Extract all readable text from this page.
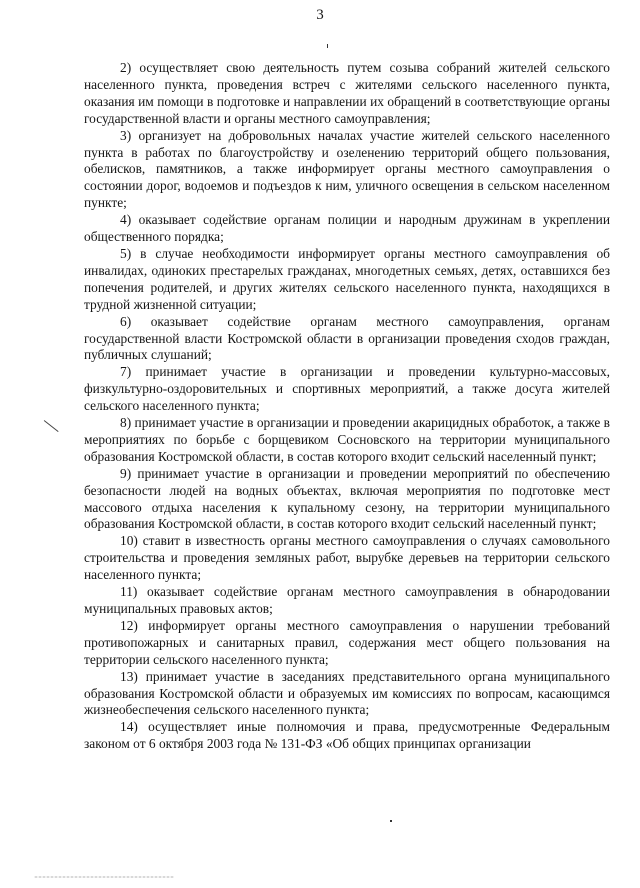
3

2) осуществляет свою деятельность путем созыва собраний жителей сельского населенного пункта, проведения встреч с жителями сельского населенного пункта, оказания им помощи в подготовке и направлении их обращений в соответствующие органы государственной власти и органы местного самоуправления;

3) организует на добровольных началах участие жителей сельского населенного пункта в работах по благоустройству и озеленению территорий общего пользования, обелисков, памятников, а также информирует органы местного самоуправления о состоянии дорог, водоемов и подъездов к ним, уличного освещения в сельском населенном пункте;

4) оказывает содействие органам полиции и народным дружинам в укреплении общественного порядка;

5) в случае необходимости информирует органы местного самоуправления об инвалидах, одиноких престарелых гражданах, многодетных семьях, детях, оставшихся без попечения родителей, и других жителях сельского населенного пункта, находящихся в трудной жизненной ситуации;

6) оказывает содействие органам местного самоуправления, органам государственной власти Костромской области в организации проведения сходов граждан, публичных слушаний;

7) принимает участие в организации и проведении культурно-массовых, физкультурно-оздоровительных и спортивных мероприятий, а также досуга жителей сельского населенного пункта;

8) принимает участие в организации и проведении акарицидных обработок, а также в мероприятиях по борьбе с борщевиком Сосновского на территории муниципального образования Костромской области, в состав которого входит сельский населенный пункт;

9) принимает участие в организации и проведении мероприятий по обеспечению безопасности людей на водных объектах, включая мероприятия по подготовке мест массового отдыха населения к купальному сезону, на территории муниципального образования Костромской области, в состав которого входит сельский населенный пункт;

10) ставит в известность органы местного самоуправления о случаях самовольного строительства и проведения земляных работ, вырубке деревьев на территории сельского населенного пункта;

11) оказывает содействие органам местного самоуправления в обнародовании муниципальных правовых актов;

12) информирует органы местного самоуправления о нарушении требований противопожарных и санитарных правил, содержания мест общего пользования на территории сельского населенного пункта;

13) принимает участие в заседаниях представительного органа муниципального образования Костромской области и образуемых им комиссиях по вопросам, касающимся жизнеобеспечения сельского населенного пункта;

14) осуществляет иные полномочия и права, предусмотренные Федеральным законом от 6 октября 2003 года № 131-ФЗ «Об общих принципах организации
